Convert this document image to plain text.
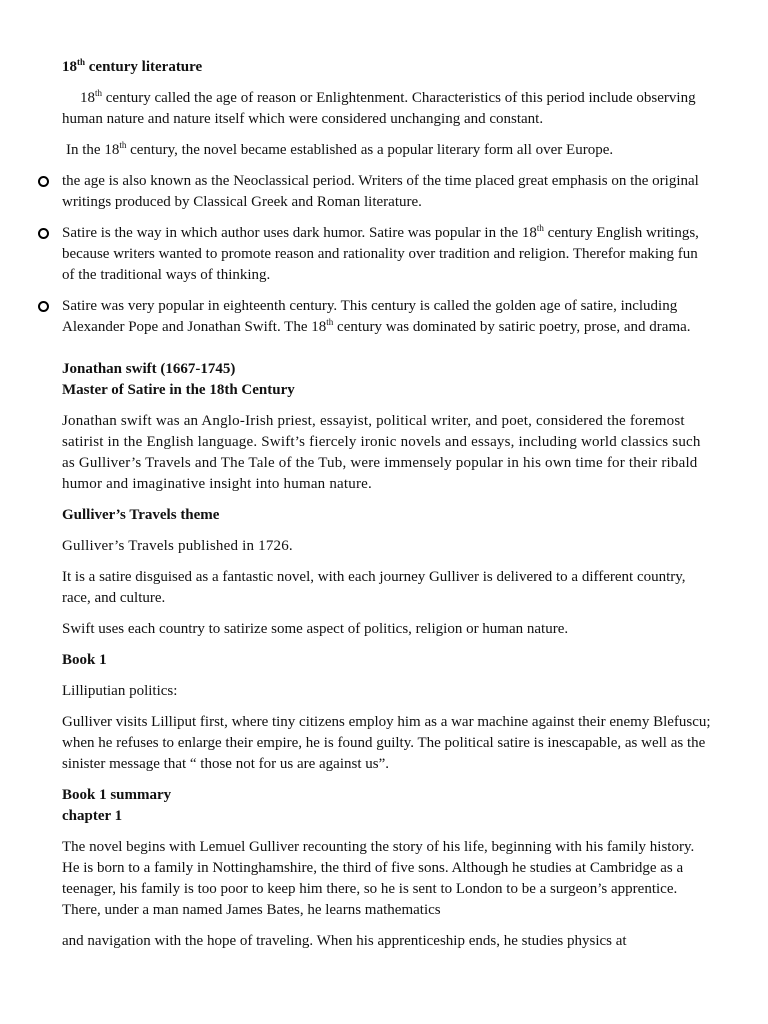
18th century literature

18th century called the age of reason or Enlightenment. Characteristics of this period include observing human nature and nature itself which were considered unchanging and constant.

In the 18th century, the novel became established as a popular literary form all over Europe.

the age is also known as the Neoclassical period. Writers of the time placed great emphasis on the original writings produced by Classical Greek and Roman literature.

Satire is the way in which author uses dark humor. Satire was popular in the 18th century English writings, because writers wanted to promote reason and rationality over tradition and religion. Therefor making fun of the traditional ways of thinking.

Satire was very popular in eighteenth century. This century is called the golden age of satire, including Alexander Pope and Jonathan Swift. The 18th century was dominated by satiric poetry, prose, and drama.

Jonathan swift (1667-1745)

Master of Satire in the 18th Century

Jonathan swift was an Anglo-Irish priest, essayist, political writer, and poet, considered the foremost satirist in the English language. Swift’s fiercely ironic novels and essays, including world classics such as Gulliver’s Travels and The Tale of the Tub, were immensely popular in his own time for their ribald humor and imaginative insight into human nature.

Gulliver’s Travels theme

Gulliver’s Travels published in 1726.

It is a satire disguised as a fantastic novel, with each journey Gulliver is delivered to a different country, race, and culture.

Swift uses each country to satirize some aspect of politics, religion or human nature.

Book 1

Lilliputian politics:

Gulliver visits Lilliput first, where tiny citizens employ him as a war machine against their enemy Blefuscu; when he refuses to enlarge their empire, he is found guilty. The political satire is inescapable, as well as the sinister message that “ those not for us are against us”.

Book 1 summary

chapter 1

The novel begins with Lemuel Gulliver recounting the story of his life, beginning with his family history. He is born to a family in Nottinghamshire, the third of five sons. Although he studies at Cambridge as a teenager, his family is too poor to keep him there, so he is sent to London to be a surgeon’s apprentice. There, under a man named James Bates, he learns mathematics

and navigation with the hope of traveling. When his apprenticeship ends, he studies physics at
